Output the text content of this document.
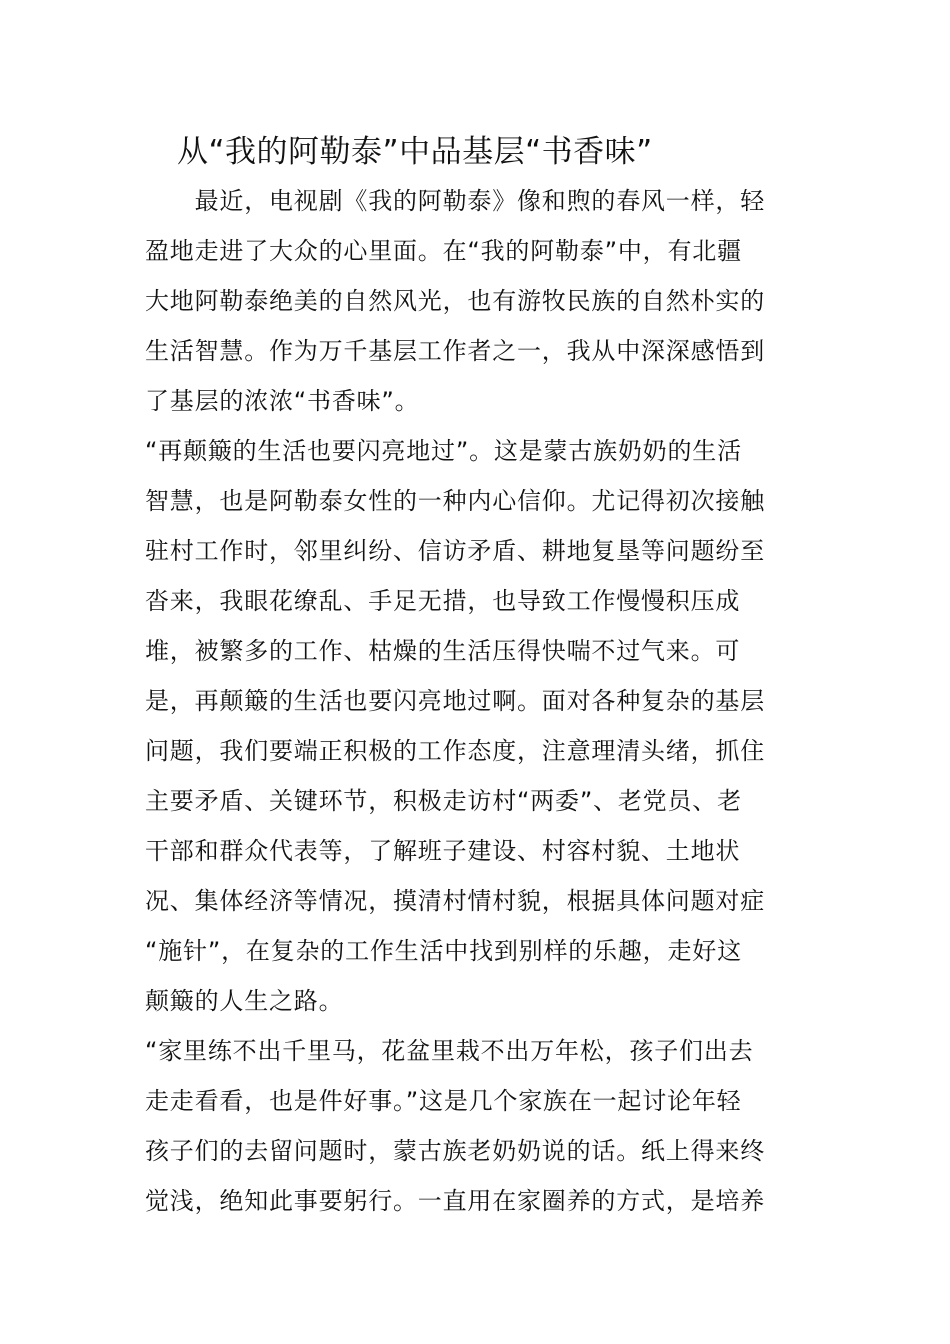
从“我的阿勒泰”中品基层“书香味”
　　最近，电视剧《我的阿勒泰》像和煦的春风一样，轻
盈地走进了大众的心里面。在“我的阿勒泰”中，有北疆
大地阿勒泰绝美的自然风光，也有游牧民族的自然朴实的
生活智慧。作为万千基层工作者之一，我从中深深感悟到
了基层的浓浓“书香味”。
“再颠簸的生活也要闪亮地过”。这是蒙古族奶奶的生活
智慧，也是阿勒泰女性的一种内心信仰。尤记得初次接触
驻村工作时，邻里纠纷、信访矛盾、耕地复垦等问题纷至
沓来，我眼花缭乱、手足无措，也导致工作慢慢积压成
堆，被繁多的工作、枯燥的生活压得快喘不过气来。可
是，再颠簸的生活也要闪亮地过啊。面对各种复杂的基层
问题，我们要端正积极的工作态度，注意理清头绪，抓住
主要矛盾、关键环节，积极走访村“两委”、老党员、老
干部和群众代表等，了解班子建设、村容村貌、土地状
况、集体经济等情况，摸清村情村貌，根据具体问题对症
“施针”，在复杂的工作生活中找到别样的乐趣，走好这
颠簸的人生之路。
“家里练不出千里马，花盆里栽不出万年松，孩子们出去
走走看看，也是件好事。”这是几个家族在一起讨论年轻
孩子们的去留问题时，蒙古族老奶奶说的话。纸上得来终
觉浅，绝知此事要躬行。一直用在家圈养的方式，是培养
